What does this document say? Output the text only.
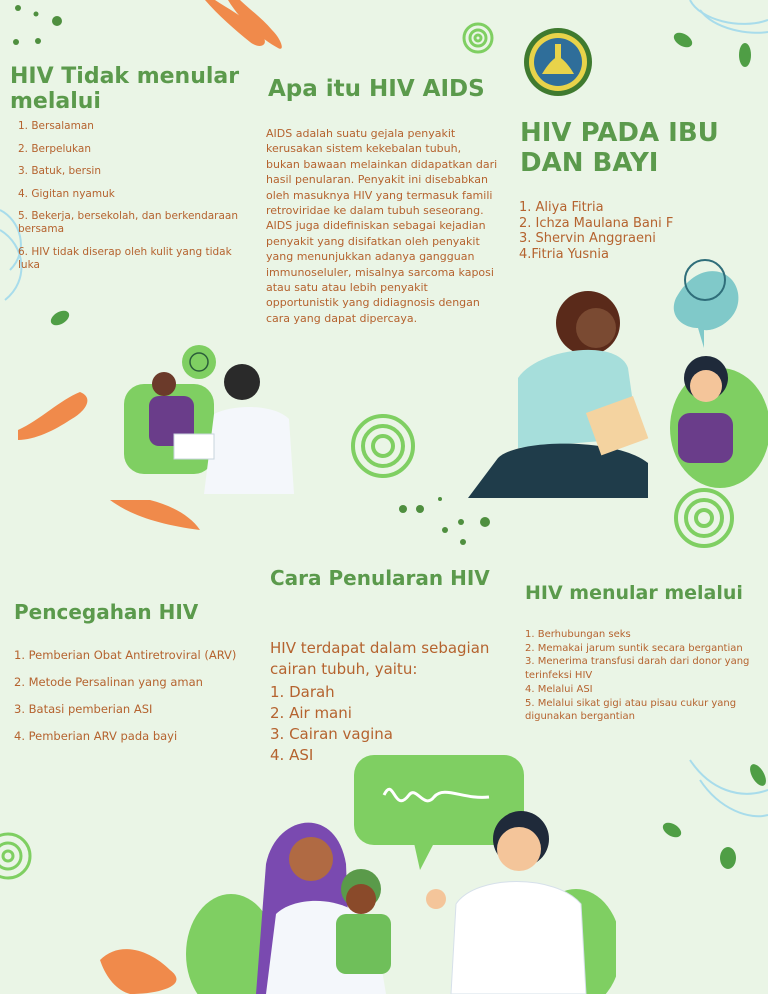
HIV Tidak menular melalui
1. Bersalaman
2. Berpelukan
3. Batuk, bersin
4. Gigitan nyamuk
5. Bekerja, bersekolah, dan berkendaraan bersama
6. HIV tidak diserap oleh kulit yang tidak luka
Apa itu HIV AIDS

AIDS adalah suatu gejala penyakit kerusakan sistem kekebalan tubuh, bukan bawaan melainkan didapatkan dari hasil penularan. Penyakit ini disebabkan oleh masuknya HIV yang termasuk famili retroviridae ke dalam tubuh seseorang. AIDS juga didefiniskan sebagai kejadian penyakit yang disifatkan oleh penyakit yang menunjukkan adanya gangguan immunoseluler, misalnya sarcoma kaposi atau satu atau lebih penyakit opportunistik yang didiagnosis dengan cara yang dapat dipercaya.

HIV PADA IBU DAN BAYI
1. Aliya Fitria
2. Ichza Maulana Bani F
3. Shervin Anggraeni
4.Fitria Yusnia
Pencegahan HIV
1. Pemberian Obat Antiretroviral (ARV)
2. Metode Persalinan yang aman
3. Batasi pemberian ASI
4. Pemberian ARV pada bayi
Cara Penularan HIV

HIV terdapat dalam sebagian cairan tubuh, yaitu:

1. Darah
2. Air mani
3. Cairan vagina
4. ASI
HIV menular melalui
1. Berhubungan seks
2. Memakai jarum suntik secara bergantian
3. Menerima transfusi darah dari donor yang terinfeksi HIV
4. Melalui ASI
5. Melalui sikat gigi atau pisau cukur yang digunakan bergantian
